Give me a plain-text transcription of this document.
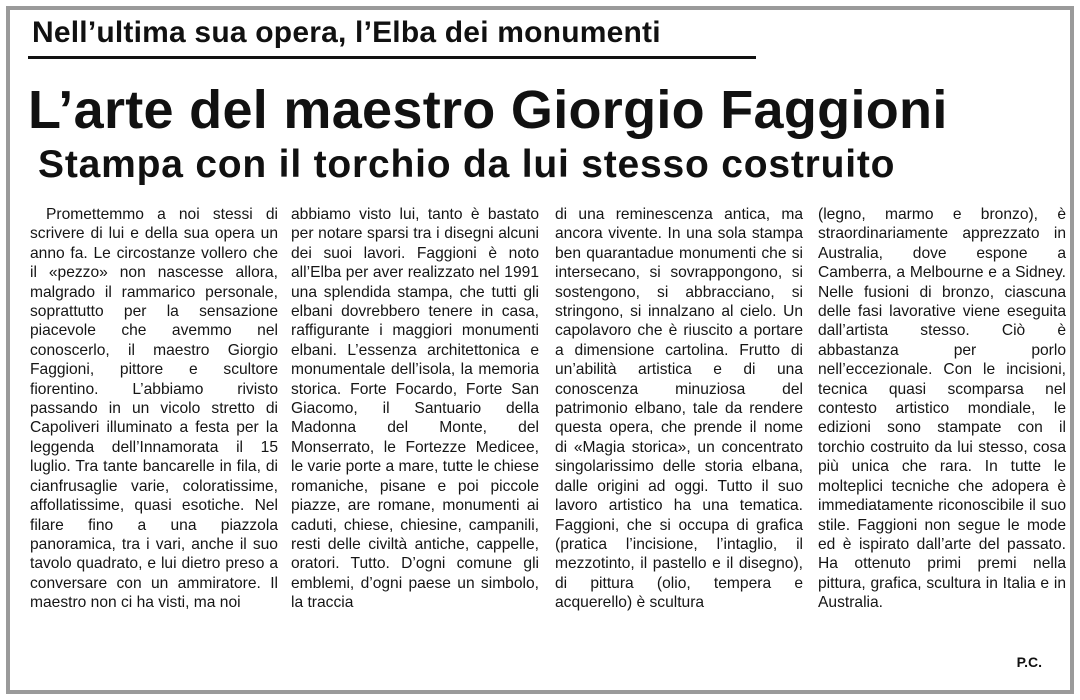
Nell’ultima sua opera, l’Elba dei monumenti
L’arte del maestro Giorgio Faggioni
Stampa con il torchio da lui stesso costruito

Promettemmo a noi stessi di scrivere di lui e della sua opera un anno fa. Le circostanze vollero che il «pezzo» non nascesse allora, malgrado il rammarico personale, soprattutto per la sensazione piacevole che avemmo nel conoscerlo, il maestro Giorgio Faggioni, pittore e scultore fiorentino. L’abbiamo rivisto passando in un vicolo stretto di Capoliveri illuminato a festa per la leggenda dell’Innamorata il 15 luglio. Tra tante bancarelle in fila, di cianfrusaglie varie, coloratissime, affollatissime, quasi esotiche. Nel filare fino a una piazzola panoramica, tra i vari, anche il suo tavolo quadrato, e lui dietro preso a conversare con un ammiratore. Il maestro non ci ha visti, ma noi

abbiamo visto lui, tanto è bastato per notare sparsi tra i disegni alcuni dei suoi lavori. Faggioni è noto all’Elba per aver realizzato nel 1991 una splendida stampa, che tutti gli elbani dovrebbero tenere in casa, raffigurante i maggiori monumenti elbani. L’essenza architettonica e monumentale dell’isola, la memoria storica. Forte Focardo, Forte San Giacomo, il Santuario della Madonna del Monte, del Monserrato, le Fortezze Medicee, le varie porte a mare, tutte le chiese romaniche, pisane e poi piccole piazze, are romane, monumenti ai caduti, chiese, chiesine, campanili, resti delle civiltà antiche, cappelle, oratori. Tutto. D’ogni comune gli emblemi, d’ogni paese un simbolo, la traccia

di una reminescenza antica, ma ancora vivente. In una sola stampa ben quarantadue monumenti che si intersecano, si sovrappongono, si sostengono, si abbracciano, si stringono, si innalzano al cielo. Un capolavoro che è riuscito a portare a dimensione cartolina. Frutto di un’abilità artistica e di una conoscenza minuziosa del patrimonio elbano, tale da rendere questa opera, che prende il nome di «Magia storica», un concentrato singolarissimo delle storia elbana, dalle origini ad oggi. Tutto il suo lavoro artistico ha una tematica. Faggioni, che si occupa di grafica (pratica l’incisione, l’intaglio, il mezzotinto, il pastello e il disegno), di pittura (olio, tempera e acquerello) è scultura

(legno, marmo e bronzo), è straordinariamente apprezzato in Australia, dove espone a Camberra, a Melbourne e a Sidney. Nelle fusioni di bronzo, ciascuna delle fasi lavorative viene eseguita dall’artista stesso. Ciò è abbastanza per porlo nell’eccezionale. Con le incisioni, tecnica quasi scomparsa nel contesto artistico mondiale, le edizioni sono stampate con il torchio costruito da lui stesso, cosa più unica che rara. In tutte le molteplici tecniche che adopera è immediatamente riconoscibile il suo stile. Faggioni non segue le mode ed è ispirato dall’arte del passato. Ha ottenuto primi premi nella pittura, grafica, scultura in Italia e in Australia.

P.C.
